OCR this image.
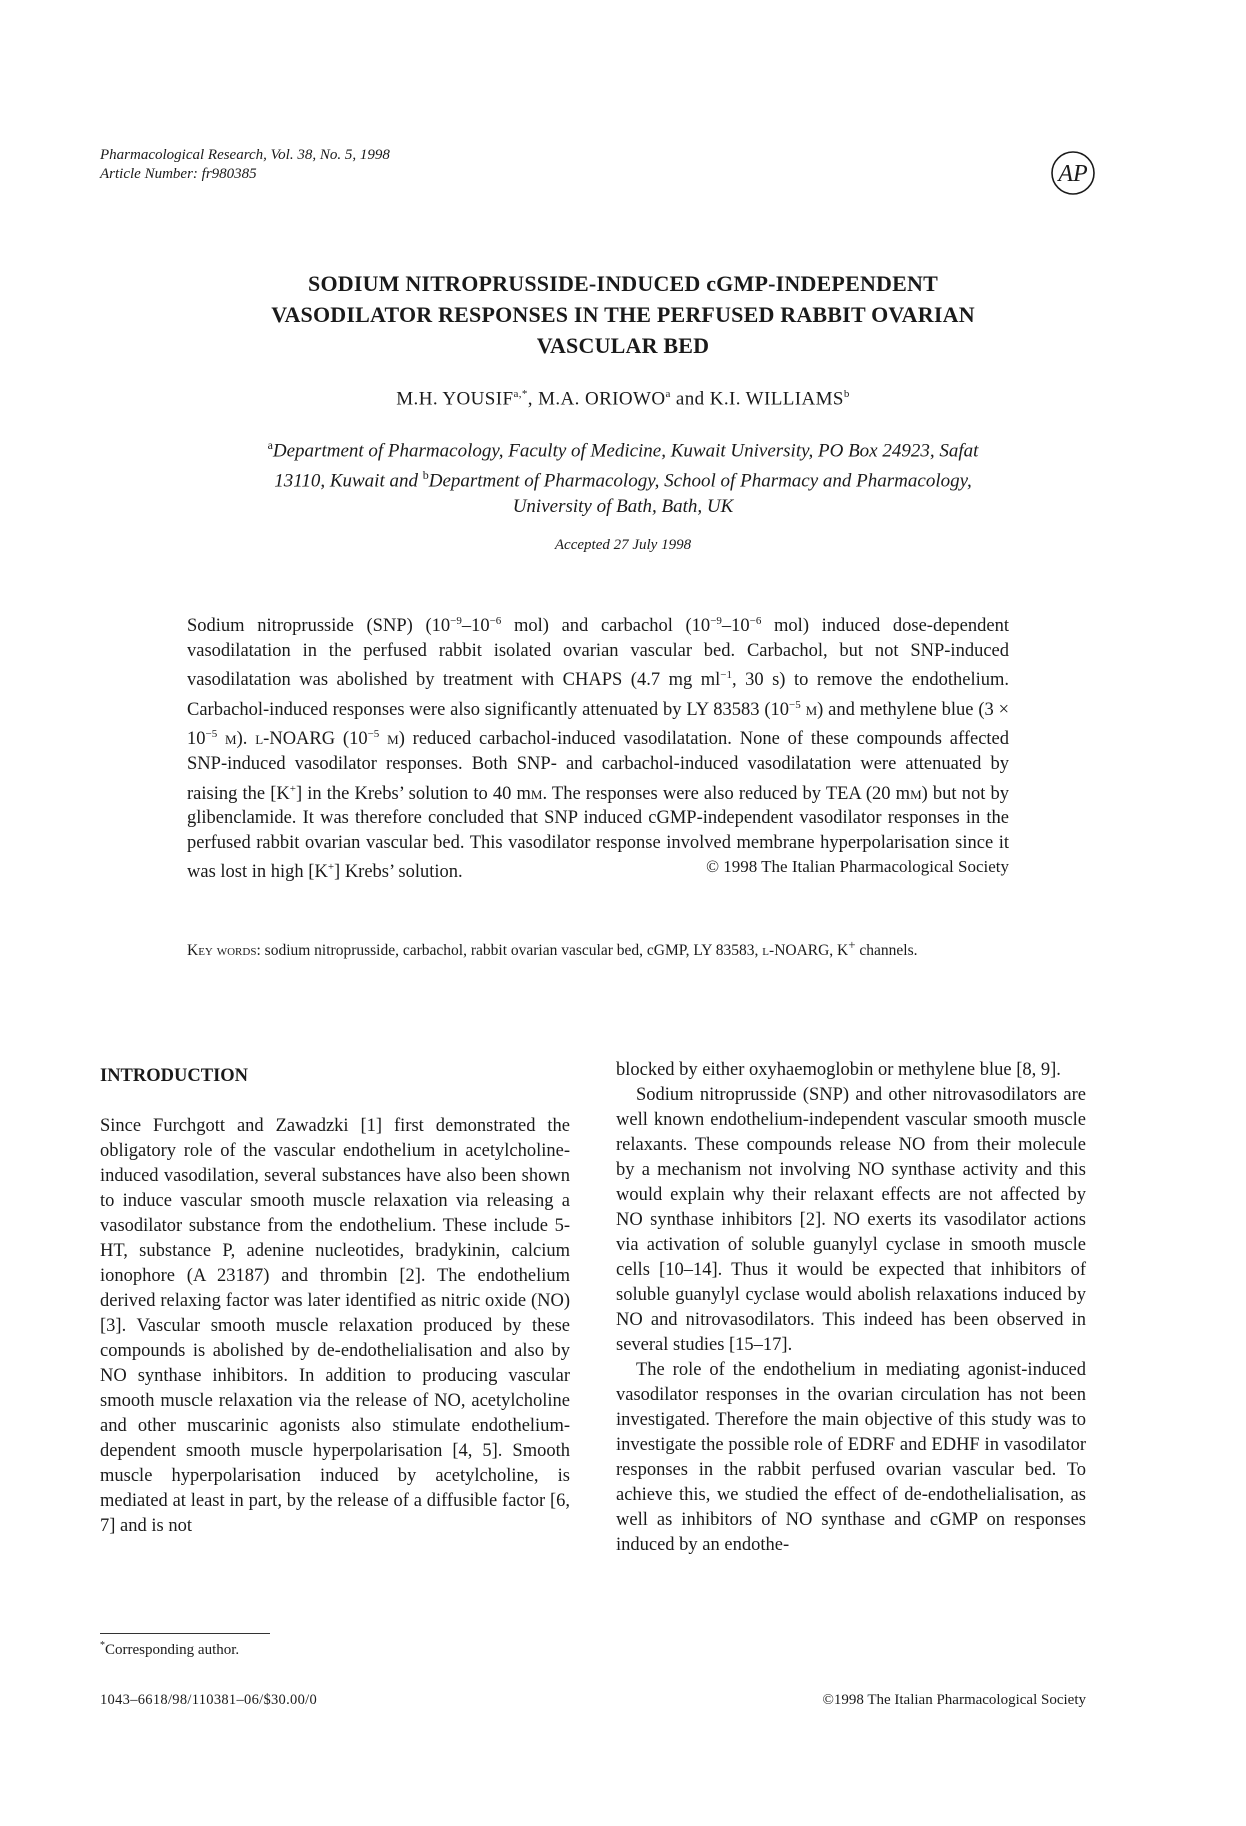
Pharmacological Research, Vol. 38, No. 5, 1998
Article Number: fr980385	AP
SODIUM NITROPRUSSIDE-INDUCED cGMP-INDEPENDENT
VASODILATOR RESPONSES IN THE PERFUSED RABBIT OVARIAN
VASCULAR BED
M.H. $YOUSIF^{a,*}$, M.A. ORIOWO$^a$ and K.I. WILLIAMS$^b$
$^a$Department of Pharmacology, Faculty of Medicine, Kuwait University, PO Box 24923, Safat
13110, Kuwait and $^b$Department of Pharmacology, School of Pharmacy and Pharmacology,
University of Bath, Bath, UK
Accepted 27 July 1998
Sodium nitroprusside (SNP) ($10^{-9}-10^{-6}$ mol) and carbachol ($10^{-9}-10^{-6}$ mol) induced dose-dependent vasodilatation in the perfused rabbit isolated ovarian vascular bed. Carbachol, but not SNP-induced vasodilatation was abolished by treatment with CHAPS (4.7 mg $ml^{-1}$, 30 s) to remove the endothelium. Carbachol-induced responses were also significantly attenuated by LY 83583 ($10^{-5}$ m) and methylene blue ($3 \times 10^{-5}$ m). l-NOARG ($10^{-5}$ m) reduced carbachol-induced vasodilatation. None of these compounds affected SNP-induced vasodilator responses. Both SNP- and carbachol-induced vasodilatation were attenuated by raising the [K+] in the Krebs’ solution to 40 mm. The responses were also reduced by TEA (20 mm) but not by glibenclamide. It was therefore concluded that SNP induced cGMP-independent vasodilator responses in the perfused rabbit ovarian vascular bed. This vasodilator response involved membrane hyperpolarisation since it was lost in high [K+] Krebs’ solution.	© 1998 The Italian Pharmacological Society
Key words: sodium nitroprusside, carbachol, rabbit ovarian vascular bed, cGMP, LY 83583, l-NOARG, K+ channels.

INTRODUCTION

Since Furchgott and Zawadzki [1] first demonstrated the obligatory role of the vascular endothelium in acetylcholine-induced vasodilation, several substances have also been shown to induce vascular smooth muscle relaxation via releasing a vasodilator substance from the endothelium. These include 5-HT, substance P, adenine nucleotides, bradykinin, calcium ionophore (A 23187) and thrombin [2]. The endothelium derived relaxing factor was later identified as nitric oxide (NO) [3]. Vascular smooth muscle relaxation produced by these compounds is abolished by de-endothelialisation and also by NO synthase inhibitors. In addition to producing vascular smooth muscle relaxation via the release of NO, acetylcholine and other muscarinic agonists also stimulate endothelium-dependent smooth muscle hyperpolarisation [4, 5]. Smooth muscle hyperpolarisation induced by acetylcholine, is mediated at least in part, by the release of a diffusible factor [6, 7] and is not

blocked by either oxyhaemoglobin or methylene blue [8, 9].

Sodium nitroprusside (SNP) and other nitrovasodilators are well known endothelium-independent vascular smooth muscle relaxants. These compounds release NO from their molecule by a mechanism not involving NO synthase activity and this would explain why their relaxant effects are not affected by NO synthase inhibitors [2]. NO exerts its vasodilator actions via activation of soluble guanylyl cyclase in smooth muscle cells [10–14]. Thus it would be expected that inhibitors of soluble guanylyl cyclase would abolish relaxations induced by NO and nitrovasodilators. This indeed has been observed in several studies [15–17].

The role of the endothelium in mediating agonist-induced vasodilator responses in the ovarian circulation has not been investigated. Therefore the main objective of this study was to investigate the possible role of EDRF and EDHF in vasodilator responses in the rabbit perfused ovarian vascular bed. To achieve this, we studied the effect of de-endothelialisation, as well as inhibitors of NO synthase and cGMP on responses induced by an endothe-

*Corresponding author.
1043–6618/98/110381–06/$30.00/0	©1998 The Italian Pharmacological Society
